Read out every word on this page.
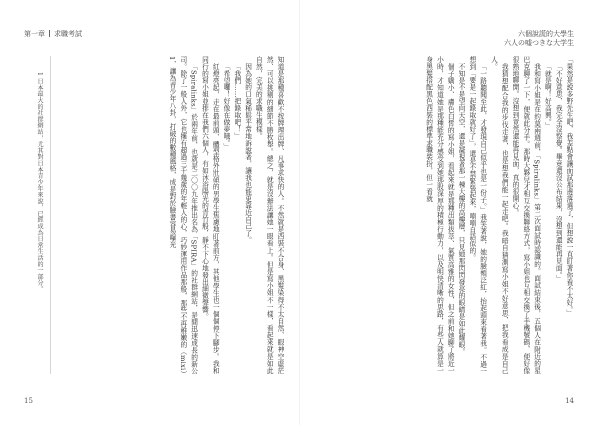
第一章 求職考試

知道是那種喜歡不按牌理出牌、凡事求快的人。不然就是西裝不合身、黑髮染得不太自然、眼神空虛茫然、可以挑剔的細節不勝枚舉。總之，就是沒辦法讓她一眼看上。但是寫小姐不一樣，看起來就是如此自然，完美的求職生模樣。

因為她的口氣稀鬆平常地訴說著，讓我也能更靠近自己了。

「我們……把錄取吧！」

「希望囉！好像在做夢哦。」

紅燈亮起，走在最前頭、體型格外壯碩的男學生焦慮地盯著前方，其他學生也一個個停下腳步。我和同行的寫小姐並排在我們六個人，有如沐浴陽光的青竹般，靜不下心地發出細微聲響。

「Spiralinks」於兩年前，也就是二〇〇九年推出名為「SPIRA」的社群網站，是間迅速成長的新公司。除了一般人外，它也擁有超過三千幾歲的年輕人的心，巧妙運用作品那般，那些不再稚嫩的（mixi）1，讓為青少年八卦，打破的數種風格，成是對於臉書容易曝光

1 日本最大的社群網站，尤其對日本青少年來說，已經成為日常生活的一部分。

15
六個說謊的大學生
六人の嘘つきな大学生

「果然是說多野先生吧，我差點會讓面試那邊落選了，但想說一直盯著你看不太好。」

「不好意思，我完全沒察覺。畢竟還沒公布結果，沒想到還能再見面。」

「就是啊！好高興。」

我和寫小姐是在約莫兩週前，「Spiralinks」第二次面試時認識的。面試結束後，五個人在附近的星巴克聊了一下，便就此分手。那時大夥兒才相互交換聯絡方式，寫小姐也互相交換了手機號碼，便好像很熟地聊開。沒想到竟然還能再見面，真的很開心。

我猜想配合我的步伐走著，也是想我們能一起走吧。我暗自猜測寫小姐不好意思，把我看成是自己人。

「一路聽聞至此，才發現自己似乎也是一份子。」我笑著說，她的臉頰泛紅，抬起頭來看著我。不過一想到「要是一起錄取就好了」，還是不禁緊張起來，喃喃自語似的。

不知是不是望向天空，還是凝視著那一棟大樓的高樓層，只見她那閃閃發亮的眼睛是如此耀眼。

個子嬌小、膚色白皙的寫小姐，看起來就是那種出類拔萃、氣質高雅的女性，但之前和她聊了將近一小時，才知道她是那種能充分感受到她那股深厚的積極行動力，以及明快清晰的思路，有些人就算是一身黑髮搭配黑色西裝的標準求職裝扮，但一看就

14
